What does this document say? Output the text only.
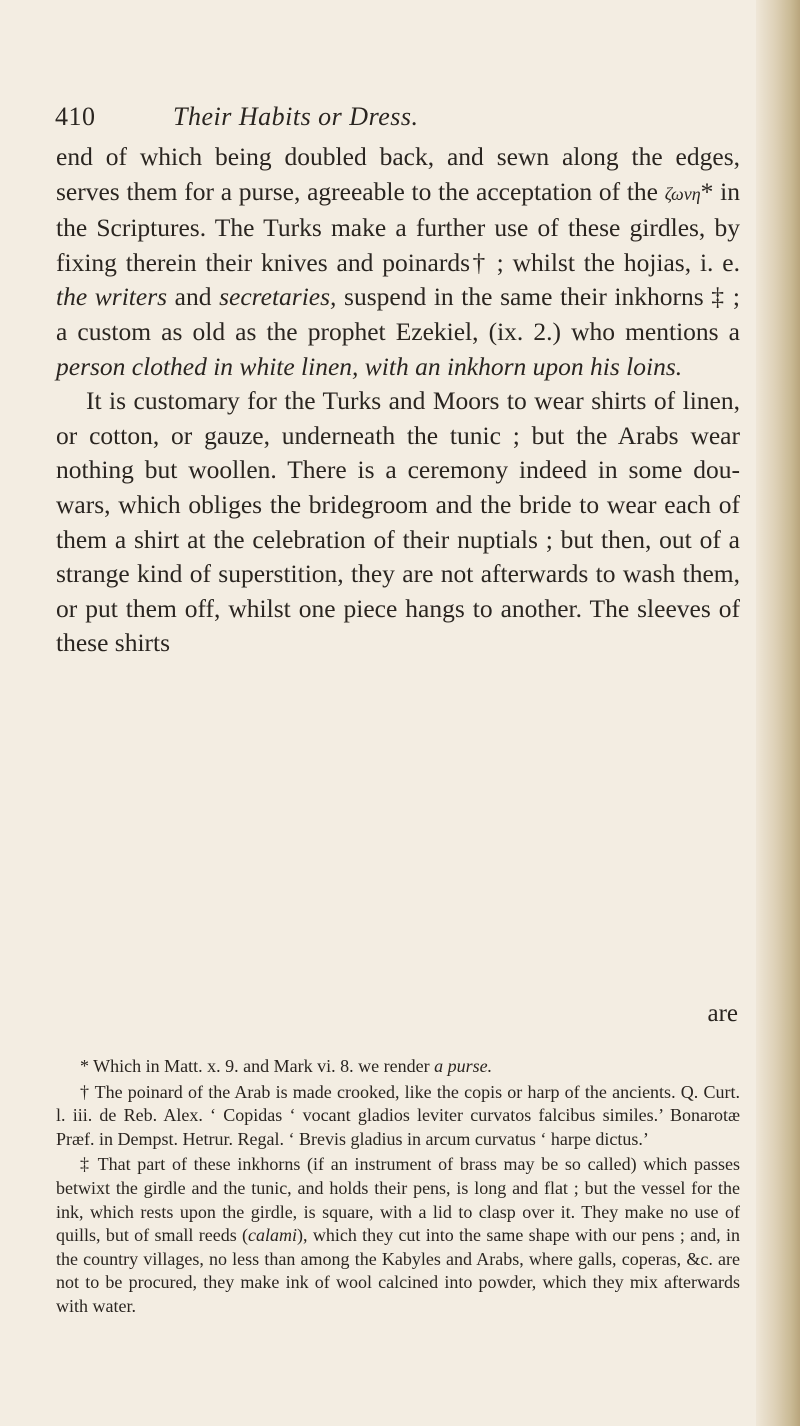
410	Their Habits or Dress.

end of which being doubled back, and sewn along the edges, serves them for a purse, agreeable to the acceptation of the ζωνη* in the Scriptures. The Turks make a further use of these girdles, by fixing therein their knives and poinards† ; whilst the hojias, i. e. the writers and secretaries, suspend in the same their inkhorns ‡ ; a custom as old as the prophet Ezekiel, (ix. 2.) who mentions a person clothed in white linen, with an inkhorn upon his loins.

It is customary for the Turks and Moors to wear shirts of linen, or cotton, or gauze, underneath the tunic ; but the Arabs wear nothing but woollen. There is a ceremony indeed in some dou-wars, which obliges the bridegroom and the bride to wear each of them a shirt at the celebration of their nuptials ; but then, out of a strange kind of superstition, they are not afterwards to wash them, or put them off, whilst one piece hangs to another. The sleeves of these shirts

are

* Which in Matt. x. 9. and Mark vi. 8. we render a purse.

† The poinard of the Arab is made crooked, like the copis or harp of the ancients. Q. Curt. l. iii. de Reb. Alex. ‘ Copidas ‘ vocant gladios leviter curvatos falcibus similes.’ Bonarotæ Præf. in Dempst. Hetrur. Regal. ‘ Brevis gladius in arcum curvatus ‘ harpe dictus.’

‡ That part of these inkhorns (if an instrument of brass may be so called) which passes betwixt the girdle and the tunic, and holds their pens, is long and flat ; but the vessel for the ink, which rests upon the girdle, is square, with a lid to clasp over it. They make no use of quills, but of small reeds (calami), which they cut into the same shape with our pens ; and, in the country villages, no less than among the Kabyles and Arabs, where galls, coperas, &c. are not to be procured, they make ink of wool calcined into powder, which they mix afterwards with water.
